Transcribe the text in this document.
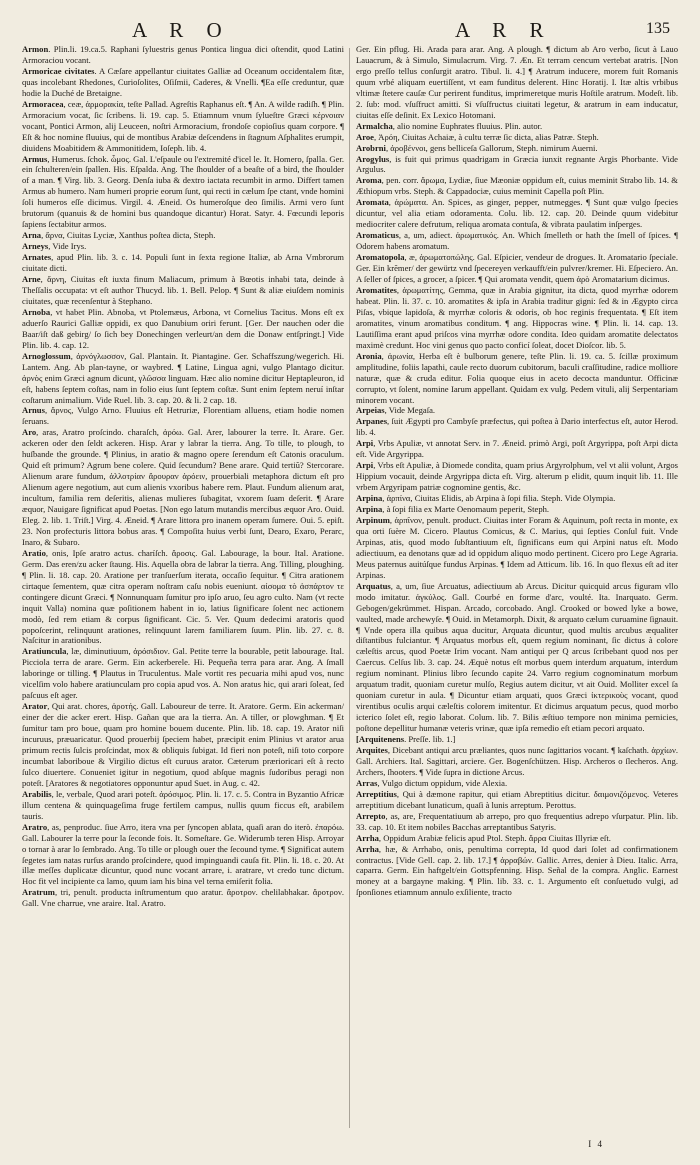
A R O	A R R	135

Armon. Plin.li. 19.ca.5. Raphani ſyluestris genus Pontica lingua dici oſtendit, quod Latini Armoraciou vocant.

Armoricae civitates. A Cæſare appellantur ciuitates Galliæ ad Oceanum occidentalem ſitæ, quas incolebant Rhedones, Curioſolites, Oſiſmii, Caderes, & Vnelli. ¶Ea eſſe creduntur, quæ hodie la Duché de Bretaigne.

Armoracea, ceæ, ἀρμορακία, teſte Pallad. Agreſtis Raphanus eſt. ¶ An. A wilde radiſh. ¶ Plin. Armoracium vocat, ſic ſcribens. li. 19. cap. 5. Etiamnum vnum ſylueſtre Græci κέρνοιαν vocant, Pontici Armon, alij Leuceen, noſtri Armoracium, frondoſe copioſius quam corpore. ¶ Eſt & hoc nomine fluuius, qui de montibus Arabiæ deſcendens in ſtagnum Aſphalites erumpit, diuidens Moabitidem & Ammonitidem, Ioſeph. lib. 4.

Armus, Humerus. ſchok. ὦμος. Gal. L'eſpaule ou l'extremité d'icel le. It. Homero, ſpalla. Ger. ein ſchulteren/ein ſpallen. His. Eſpalda. Ang. The ſhoulder of a beaſte of a bird, the ſhoulder of a man. ¶ Virg. lib. 3. Georg. Denſa iuba & dextro iactata recumbit in armo. Differt tamen Armus ab humero. Nam humeri proprie eorum ſunt, qui recti in cælum ſpe ctant, vnde homini ſoli humeros eſſe dicimus. Virgil. 4. Æneid. Os humeroſque deo ſimilis. Armi vero ſunt brutorum (quanuis & de homini bus quandoque dicantur) Horat. Satyr. 4. Fœcundi leporis ſapiens ſectabitur armos.

Arna, ἄρνα, Ciuitas Lyciæ, Xanthus poſtea dicta, Steph.

Arneys, Vide Irys.

Arnates, apud Plin. lib. 3. c. 14. Populi ſunt in ſexta regione Italiæ, ab Arna Vmbrorum ciuitate dicti.

Arne, ἄρνη, Ciuitas eſt iuxta finum Maliacum, primum à Bœotis inhabi tata, deinde à Theſſalis occupata: vt eſt author Thucyd. lib. 1. Bell. Pelop. ¶ Sunt & aliæ eiuſdem nominis ciuitates, quæ recenſentur à Stephano.

Arnoba, vt habet Plin. Abnoba, vt Ptolemæus, Arbona, vt Cornelius Tacitus. Mons eſt ex aduerſo Raurici Galliæ oppidi, ex quo Danubium oriri ferunt. [Ger. Der nauchen oder die Baar/iſt daß gebirg/ ſo ſich bey Donechingen verleurt/an dem die Donaw entſpringt.] Vide Plin. lib. 4. cap. 12.

Arnoglossum, ἀρνόγλωσσον, Gal. Plantain. It. Piantagine. Ger. Schaffszung/wegerich. Hi. Lantem. Ang. Ab plan-tayne, or waybred. ¶ Latine, Lingua agni, vulgo Plantago dicitur. ἀρνὸς enim Græci agnum dicunt, γλῶσσα linguam. Hæc alio nomine dicitur Heptapleuron, id eſt, habens ſeptem coſtas, nam in folio eius ſunt ſeptem coſtæ. Sunt enim ſeptem neruí inſtar coſtarum animalium. Vide Ruel. lib. 3. cap. 20. & li. 2 cap. 18.

Arnus, ἄρνος, Vulgo Arno. Fluuius eſt Hetruriæ, Florentiam alluens, etiam hodie nomen ſeruans.

Aro, aras, Aratro proſcindo. charaſch, ἀρόω. Gal. Arer, labourer la terre. It. Arare. Ger. ackeren oder den ſeldt ackeren. Hisp. Arar y labrar la tierra. Ang. To tille, to plough, to huſbande the grounde. ¶ Plinius, in aratio & magno opere ſerendum eſt Catonis oraculum. Quid eſt primum? Agrum bene colere. Quid ſecundum? Bene arare. Quid tertiũ? Stercorare. Alienum arare fundum, ἀλλοτρίαν ἄρουραν ἀρόειν, prouerbiali metaphora dictum eſt pro Alienum agere negotium, aut cum alienis vxoribus habere rem. Plaut. Fundum alienum arat, incultum, familia rem deſeritis, alienas mulieres ſubagitat, vxorem ſuam deſerit. ¶ Arare æquor, Nauigare ſignificat apud Poetas. [Non ego latum mutandis mercibus æquor Aro. Ouid. Eleg. 2. lib. 1. Triſt.] Virg. 4. Æneid. ¶ Arare littora pro inanem operam ſumere. Oui. 5. epiſt. 23. Non profecturis littora bobus aras. ¶ Compoſita huius verbi ſunt, Dearo, Exaro, Perarc, Inaro, & Subaro.

Aratio, onis, Ipſe aratro actus. charíſch. ἄροσις. Gal. Labourage, la bour. Ital. Aratione. Germ. Das eren/zu acker ſtaung. His. Aquella obra de labrar la tierra. Ang. Tilling, ploughing. ¶ Plin. li. 18. cap. 20. Aratione per tranſuerſum iterata, occaſio ſequitur. ¶ Citra arationem cirtaque ſementem, quæ citra operam noſtram caſu nobis eueniunt. αἰσομα τὸ ἀσπάρτον τε contingere dicunt Græci. ¶ Nonnunquam ſumitur pro ipſo aruo, ſeu agro culto. Nam (vt recte inquit Valla) nomina quæ poſitionem habent in io, latius ſignificare ſolent nec actionem modò, ſed rem etiam & corpus ſignificant. Cic. 5. Ver. Quum dedecimi aratoris quod popoſcerint, relinquunt arationes, relinquunt larem familiarem ſuum. Plin. lib. 27. c. 8. Naſcitur in arationibus.

Aratiuncula, læ, diminutiuum, ἀρόσιδιον. Gal. Petite terre la bourable, petit labourage. Ital. Picciola terra de arare. Germ. Ein ackerberele. Hi. Pequeña terra para arar. Ang. A ſmall laboringe or tilling. ¶ Plautus in Truculentus. Male vortit res pecuaria mihi apud vos, nunc vicelſim volo habere aratiunculam pro copia apud vos. A. Non aratus hic, qui arari ſoleat, ſed paſcuus eſt ager.

Arator, Qui arat. chores, ἀροτής. Gall. Laboureur de terre. It. Aratore. Germ. Ein ackerman/ einer der die acker erert. Hisp. Gañan que ara la tierra. An. A tiller, or plowghman. ¶ Et ſumitur tam pro boue, quam pro homine bouem ducente. Plin. lib. 18. cap. 19. Arator niſi incuruus, præuaricatur. Quod prouerbij ſpeciem habet, præcipit enim Plinius vt arator arua primum rectis ſulcis proſcindat, mox & obliquis ſubigat. Id fieri non poteſt, niſi toto corpore incumbat laboriboue & Virgilio dictus eſt curuus arator. Cæterum prærioricari eſt à recto ſulco diuertere. Conueniet igitur in negotium, quod abſque magnis ſudoribus peragi non poteſt. [Aratores & negotiatores opponuntur apud Suet. in Aug. c. 42.

Arabilis, le, verbale, Quod arari poteſt. ἀρόσιμος. Plin. li. 17. c. 5. Contra in Byzantio Africæ illum centena & quinquageſima fruge fertilem campus, nullis quum ficcus eſt, arabilem tauris.

Aratro, as, penproduc. ſiue Arro, itera vna per ſyncopen ablata, quaſi aran do iterò. ἐπαρόω. Gall. Labourer la terre pour la ſeconde fois. It. Someſtare. Ge. Widerumb teren Hisp. Arroyar o tornar à arar lo ſembrado. Ang. To tille or plough ouer the ſecound tyme. ¶ Significat autem ſegetes iam natas rurſus arando proſcindere, quod impinguandi cauſa fit. Plin. li. 18. c. 20. At illæ meſſes duplicatæ dicuntur, quod nunc vocant arrare, i. aratrare, vt credo tunc dictum. Hoc fit vel incipiente ca lamo, quum iam his bina vel terna emiſerit folia.

Aratrum, tri, penult. producta inſtrumentum quo aratur. ἄροτρον. chelilabhakar. ἄροτρον. Gall. Vne charrue, vne araire. Ital. Aratro.

Ger. Ein pflug. Hi. Arada para arar. Ang. A plough. ¶ dictum ab Aro verbo, ſicut à Lauo Lauacrum, & à Simulo, Simulacrum. Virg. 7. Æn. Et terram cencum vertebat aratris. [Non ergo preſſo tellus conſurgit aratro. Tibul. li. 4.] ¶ Aratrum inducere, morem fuit Romanis quum vrbé aliquam euertiſſent, vt eam funditus delerent. Hinc Horatij. I. Itæ altis vrbibus vltimæ ſtetere cauſæ Cur perirent funditus, imprimeretque muris Hoſtile aratrum. Modeſt. lib. 2. ſub: mod. vſuſfruct amitti. Si vſuſfructus ciuitati legetur, & aratrum in eam inducatur, ciuitas eſſe deſinit. Ex Lexico Hotomani.

Armalcha, alio nomine Euphrates fluuius. Plin. autor.

Aroe, Ἀρόη, Ciuitas Achaiæ, à cultu terræ ſic dicta, alias Patræ. Steph.

Arobrni, ἀροβέννοι, gens belliceſa Gallorum, Steph. nimirum Auerni.

Arogylus, is fuit qui primus quadrigam in Græcia iunxit regnante Argis Phorbante. Vide Argulus.

Aroma, pen. corr. ἄρωμα, Lydiæ, ſiue Mæoniæ oppidum eſt, cuius meminit Strabo lib. 14. & Æthiopum vrbs. Steph. & Cappadociæ, cuius meminit Capella poſt Plin.

Aromata, ἀρώματα. An. Spices, as ginger, pepper, nutmegges. ¶ Sunt quæ vulgo ſpecies dicuntur, vel alia etiam odoramenta. Colu. lib. 12. cap. 20. Deinde quum videbitur mediocriter calere defrutum, reliqua aromata contuſa, & vibrata paulatim inſperges.

Aromaticus, a, um, adiect. ἀρωματικός. An. Which ſmelleth or hath the ſmell of ſpices. ¶ Odorem habens aromatum.

Aromatopola, æ, ἀρωματοπώλης. Gal. Eſpicier, vendeur de drogues. It. Aromatario ſpeciale. Ger. Ein krẽmer/ der gewürtz vnd ſpecereyen verkaufft/ein pulvrer/kremer. Hi. Eſpeciero. An. A ſeller of ſpices, a grocer, a ſpicer. ¶ Qui aromata vendit, quem ἀρὸ Aromatarium dicimus.

Aromatites, ἀρωματίτης, Gemma, quæ in Arabia gignitur, ita dicta, quod myrrhæ odorem habeat. Plin. li. 37. c. 10. aromatites & ipſa in Arabia traditur gigni: ſed & in Ægypto circa Piſas, vbique lapidoſa, & myrrhæ coloris & odoris, ob hoc reginis frequentata. ¶ Eſt item aromatites, vinum aromatibus conditum. ¶ ang. Hippocras wine. ¶ Plin. li. 14. cap. 13. Lautiſſima erant apud priſcos vina myrrhæ odore condita. Ideo quidam aromatite delectatos maximè credunt. Hoc vini genus quo pacto conficí ſoleat, docet Dioſcor. lib. 5.

Aronia, ἀρωνία, Herba eſt è bulborum genere, teſte Plin. li. 19. ca. 5. ſcillæ proximum amplitudine, foliis lapathi, caule recto duorum cubitorum, baculi craſſitudine, radice molliore naturæ, quæ & cruda editur. Folia quoque eius in aceto decocta manduntur. Officinæ corrupto, vt ſolent, nomine Iarum appellant. Quidam ex vulg. Pedem vituli, alij Serpentariam minorem vocant.

Arpeias, Vide Megaſa.

Arpanes, ſuit Ægypti pro Cambyſe præfectus, qui poſtea à Dario interfectus eſt, autor Herod. lib. 4.

Arpi, Vrbs Apuliæ, vt annotat Serv. in 7. Æneid. primò Argi, poſt Argyrippa, poſt Arpi dicta eſt. Vide Argyrippa.

Arpi, Vrbs eſt Apuliæ, à Diomede condita, quam prius Argyrolphum, vel vt alii volunt, Argos Hippium vocauit, deinde Argyrippa dicta eſt. Virg. alterum p elidit, quum inquit lib. 11. Ille vrbem Argyripam patriæ cognomine gentis, &c.

Arpina, ἀρπίνα, Ciuitas Elidis, ab Arpina à ſopi filia. Steph. Vide Olympia.

Arpina, à ſopi filia ex Marte Oenomaum peperit, Steph.

Arpinum, ἀρπῖνον, penult. product. Ciuitas inter Foram & Aquinum, poſt recta in monte, ex qua orti ſuère M. Cicero. Plautus Comicus, & C. Marius, qui ſepties Conſul fuit. Vnde Arpinas, atis, quod modo ſubſtantiuum eſt, ſignificans eum qui Arpini natus eſt. Modo adiectiuum, ea denotans quæ ad id oppidum aliquo modo pertinent. Cicero pro Lege Agraria. Meus paternus auitúſque fundus Arpinas. ¶ Idem ad Atticum. lib. 16. In quo flexus eſt ad iter Arpinas.

Arquatus, a, um, ſiue Arcuatus, adiectiuum ab Arcus. Dicitur quicquid arcus figuram vllo modo imitatur. ἀγκύλος. Gall. Courbé en forme d'arc, voulté. Ita. Inarquato. Germ. Gebogen/gekrümmet. Hispan. Arcado, corcobado. Angl. Crooked or bowed lyke a bowe, vaulted, made archewyſe. ¶ Ouid. in Metamorph. Dixit, & arquato cælum curuamine ſignauit. ¶ Vnde opera illa quibus aqua ducitur, Arquata dicuntur, quod multis arcubus æqualiter diſtantibus fulciantur. ¶ Arquatus morbus eſt, quem regium nominant, ſic dictus à colore cæleſtis arcus, quod Poetæ Irim vocant. Nam antiqui per Q arcus ſcribebant quod nos per Caercus. Celſus lib. 3. cap. 24. Æquè notus eſt morbus quem interdum arquatum, interdum regium nominant. Plinius libro ſecundo capite 24. Varro regium cognominatum morbum arquatum tradit, quoniam curetur mulſo, Regius autem dicitur, vt ait Ouid. Molliter excel ſa quoniam curetur in aula. ¶ Dicuntur etiam arquati, quos Græci ἰκτερικοὺς vocant, quod virentibus oculis arqui cæleſtis colorem imitentur. Et dicimus arquatum pecus, quod morbo icterico ſolet eſt, regio laborat. Colum. lib. 7. Bilis æſtiuo tempore non minima pernicies, poſtone depellitur humanæ veteris vrinæ, quæ ipſa remedio eſt etiam pecori arquato.

[Arquitenens. Preſſe. lib. 1.]

Arquites, Dicebant antiqui arcu præliantes, quos nunc ſagittarios vocant. ¶ kaſchath. ἀρχίων. Gall. Archiers. Ital. Sagittari, arciere. Ger. Bogenſchützen. Hisp. Archeros o ſlecheros. Ang. Archers, ſhooters. ¶ Vide ſupra in dictione Arcus.

Arras, Vulgo dictum oppidum, vide Alexia.

Arreptitius, Qui à dæmone rapitur, qui etiam Abreptitius dicitur. δαιμονιζόμενος. Veteres arreptitium dicebant lunaticum, quaſi à lunis arreptum. Perottus.

Arrepto, as, are, Frequentatiuum ab arrepo, pro quo frequentius adrepo vſurpatur. Plin. lib. 33. cap. 10. Et item nobiles Bacchas arreptantibus Satyris.

Arrha, Oppidum Arabiæ felicis apud Ptol. Steph. ἄρρα Ciuitas Illyriæ eſt.

Arrha, hæ, & Arrhabo, onis, penultima correpta, Id quod dari ſolet ad confirmationem contractus. [Vide Gell. cap. 2. lib. 17.] ¶ ἀρραβών. Gallic. Arres, denier à Dieu. Italic. Arra, caparra. Germ. Ein haftgelt/ein Gottspfenning. Hisp. Señal de la compra. Anglic. Earnest money at a bargayne making. ¶ Plin. lib. 33. c. 1. Argumento eſt conſuetudo vulgi, ad ſponſiones etiamnum annulo exſiliente, tracto

I 4
